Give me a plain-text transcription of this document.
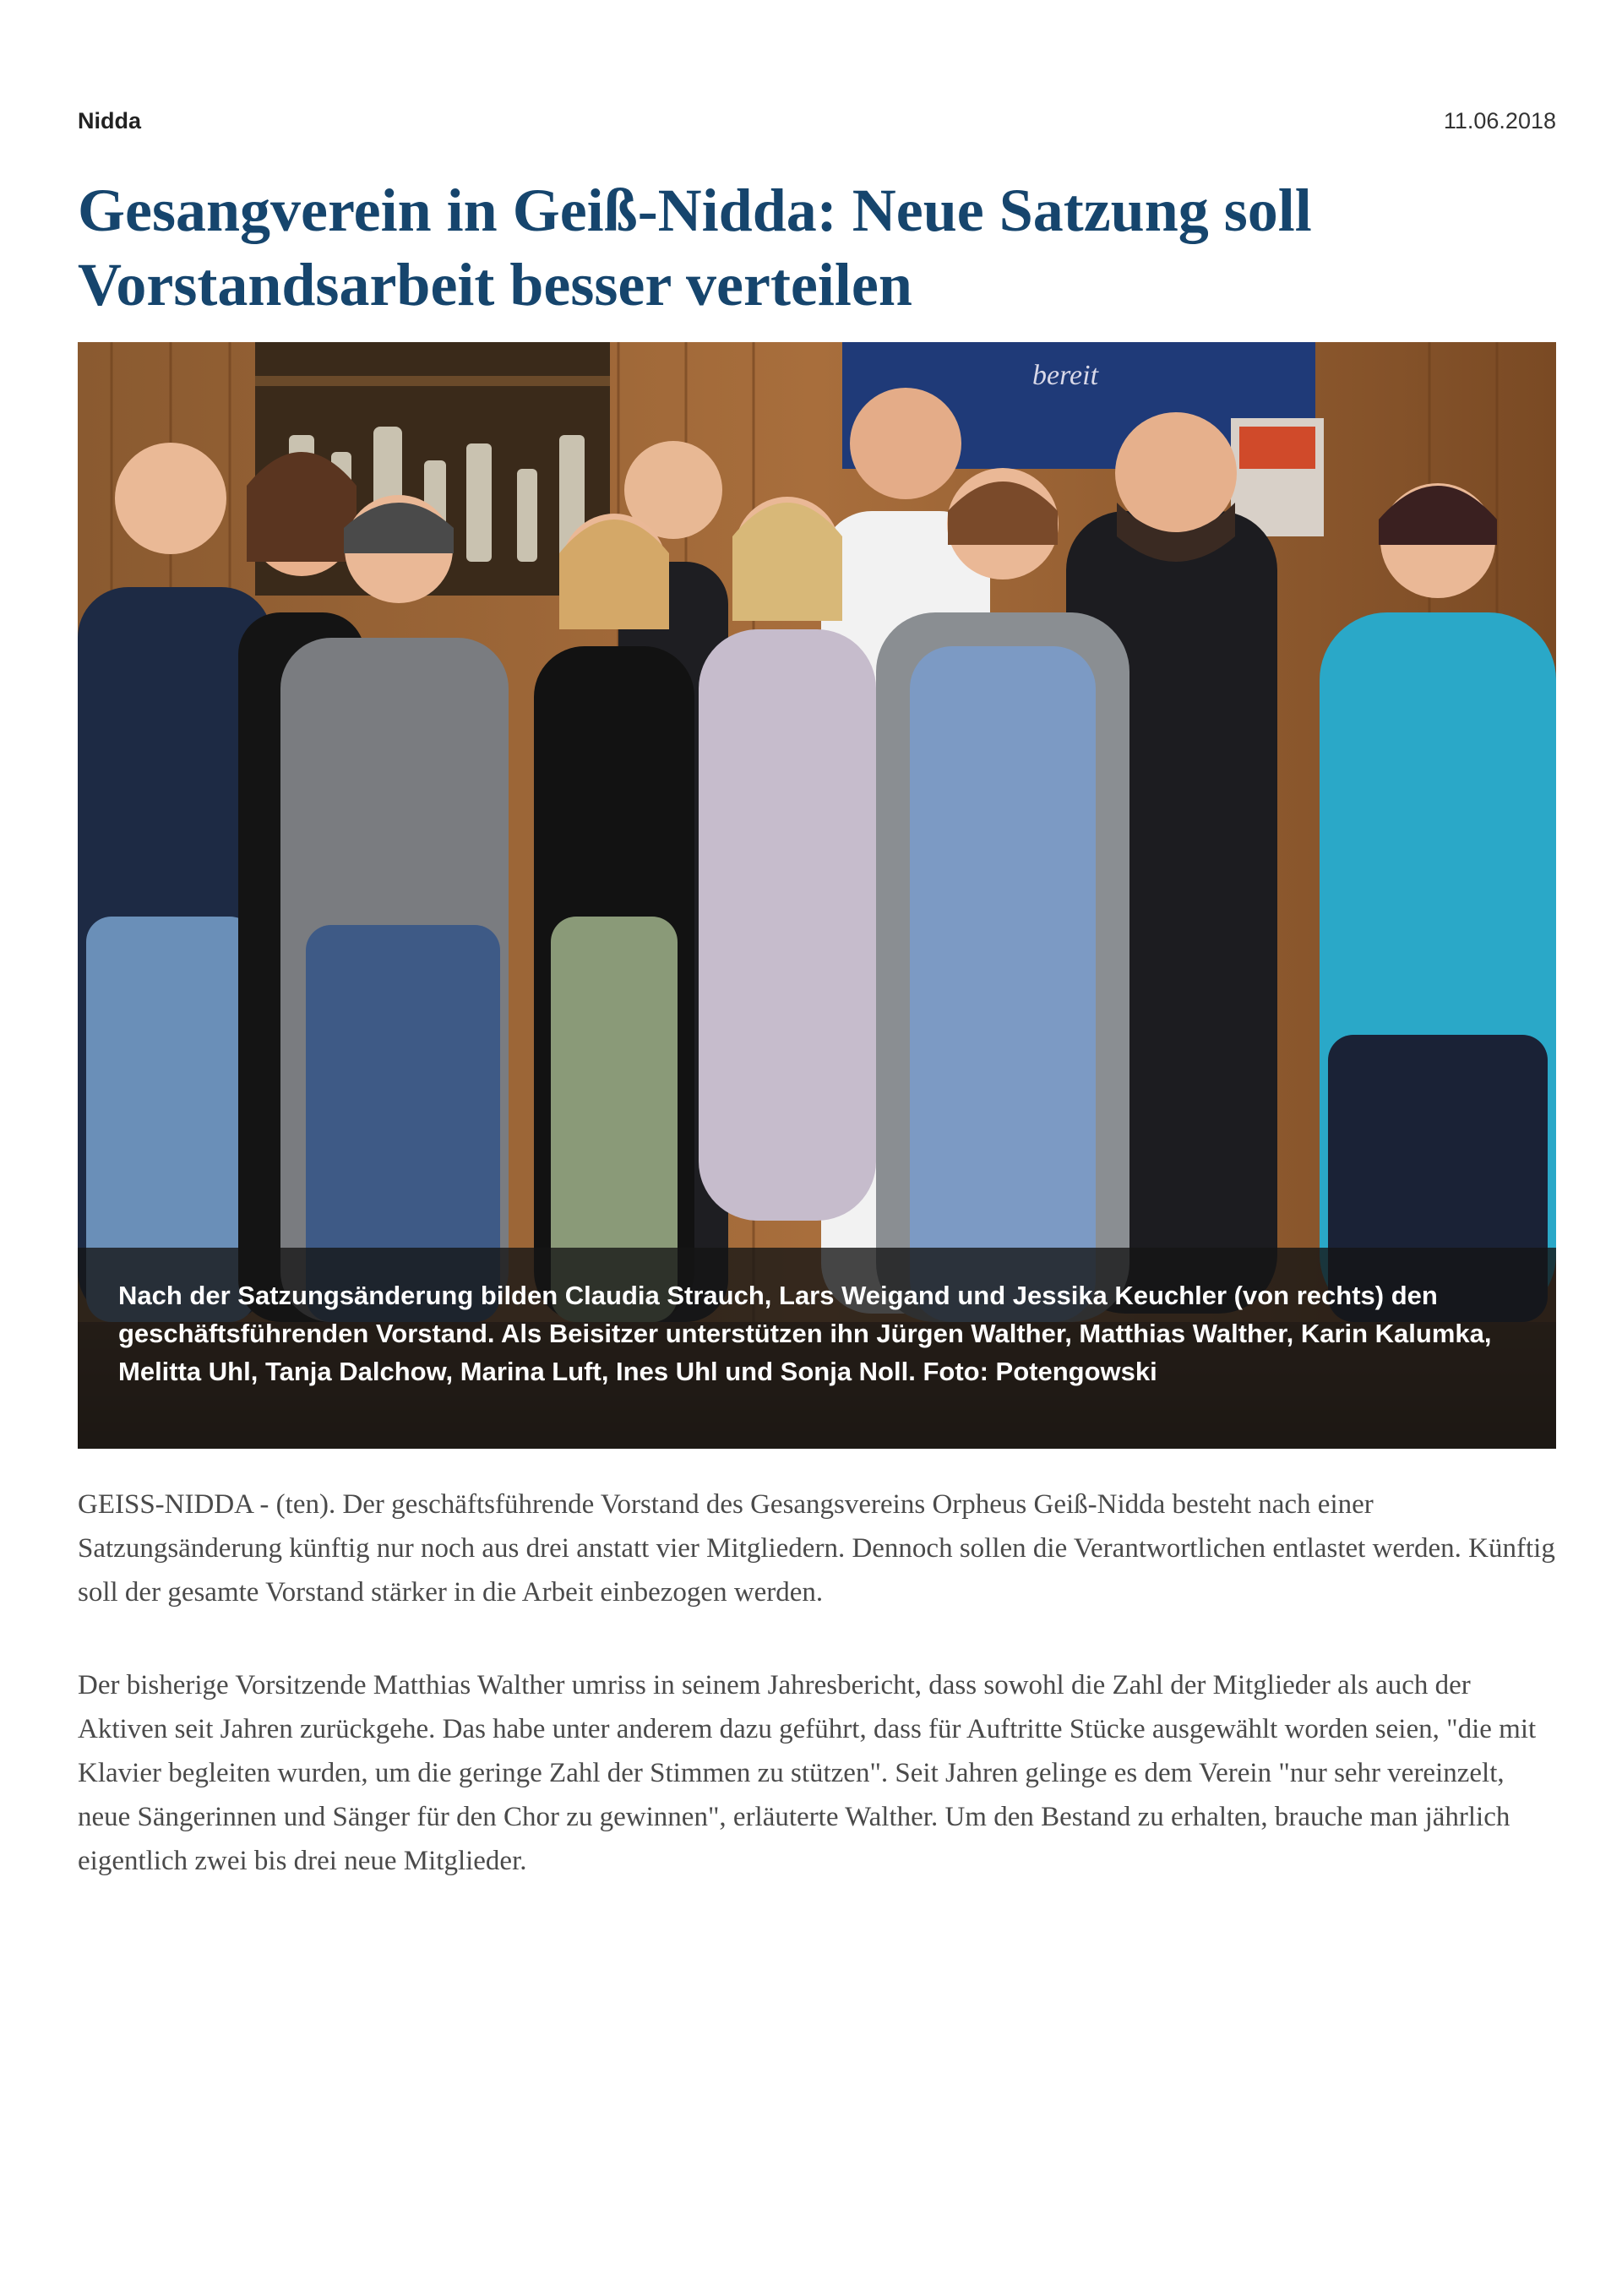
Nidda	11.06.2018
Gesangverein in Geiß-Nidda: Neue Satzung soll Vorstandsarbeit besser verteilen
bereit

Nach der Satzungsänderung bilden Claudia Strauch, Lars Weigand und Jessika Keuchler (von rechts) den geschäftsführenden Vorstand. Als Beisitzer unterstützen ihn Jürgen Walther, Matthias Walther, Karin Kalumka, Melitta Uhl, Tanja Dalchow, Marina Luft, Ines Uhl und Sonja Noll. Foto: Potengowski

GEISS-NIDDA - (ten). Der geschäftsführende Vorstand des Gesangsvereins Orpheus Geiß-Nidda besteht nach einer Satzungsänderung künftig nur noch aus drei anstatt vier Mitgliedern. Dennoch sollen die Verantwortlichen entlastet werden. Künftig soll der gesamte Vorstand stärker in die Arbeit einbezogen werden.

Der bisherige Vorsitzende Matthias Walther umriss in seinem Jahresbericht, dass sowohl die Zahl der Mitglieder als auch der Aktiven seit Jahren zurückgehe. Das habe unter anderem dazu geführt, dass für Auftritte Stücke ausgewählt worden seien, "die mit Klavier begleiten wurden, um die geringe Zahl der Stimmen zu stützen". Seit Jahren gelinge es dem Verein "nur sehr vereinzelt, neue Sängerinnen und Sänger für den Chor zu gewinnen", erläuterte Walther. Um den Bestand zu erhalten, brauche man jährlich eigentlich zwei bis drei neue Mitglieder.
